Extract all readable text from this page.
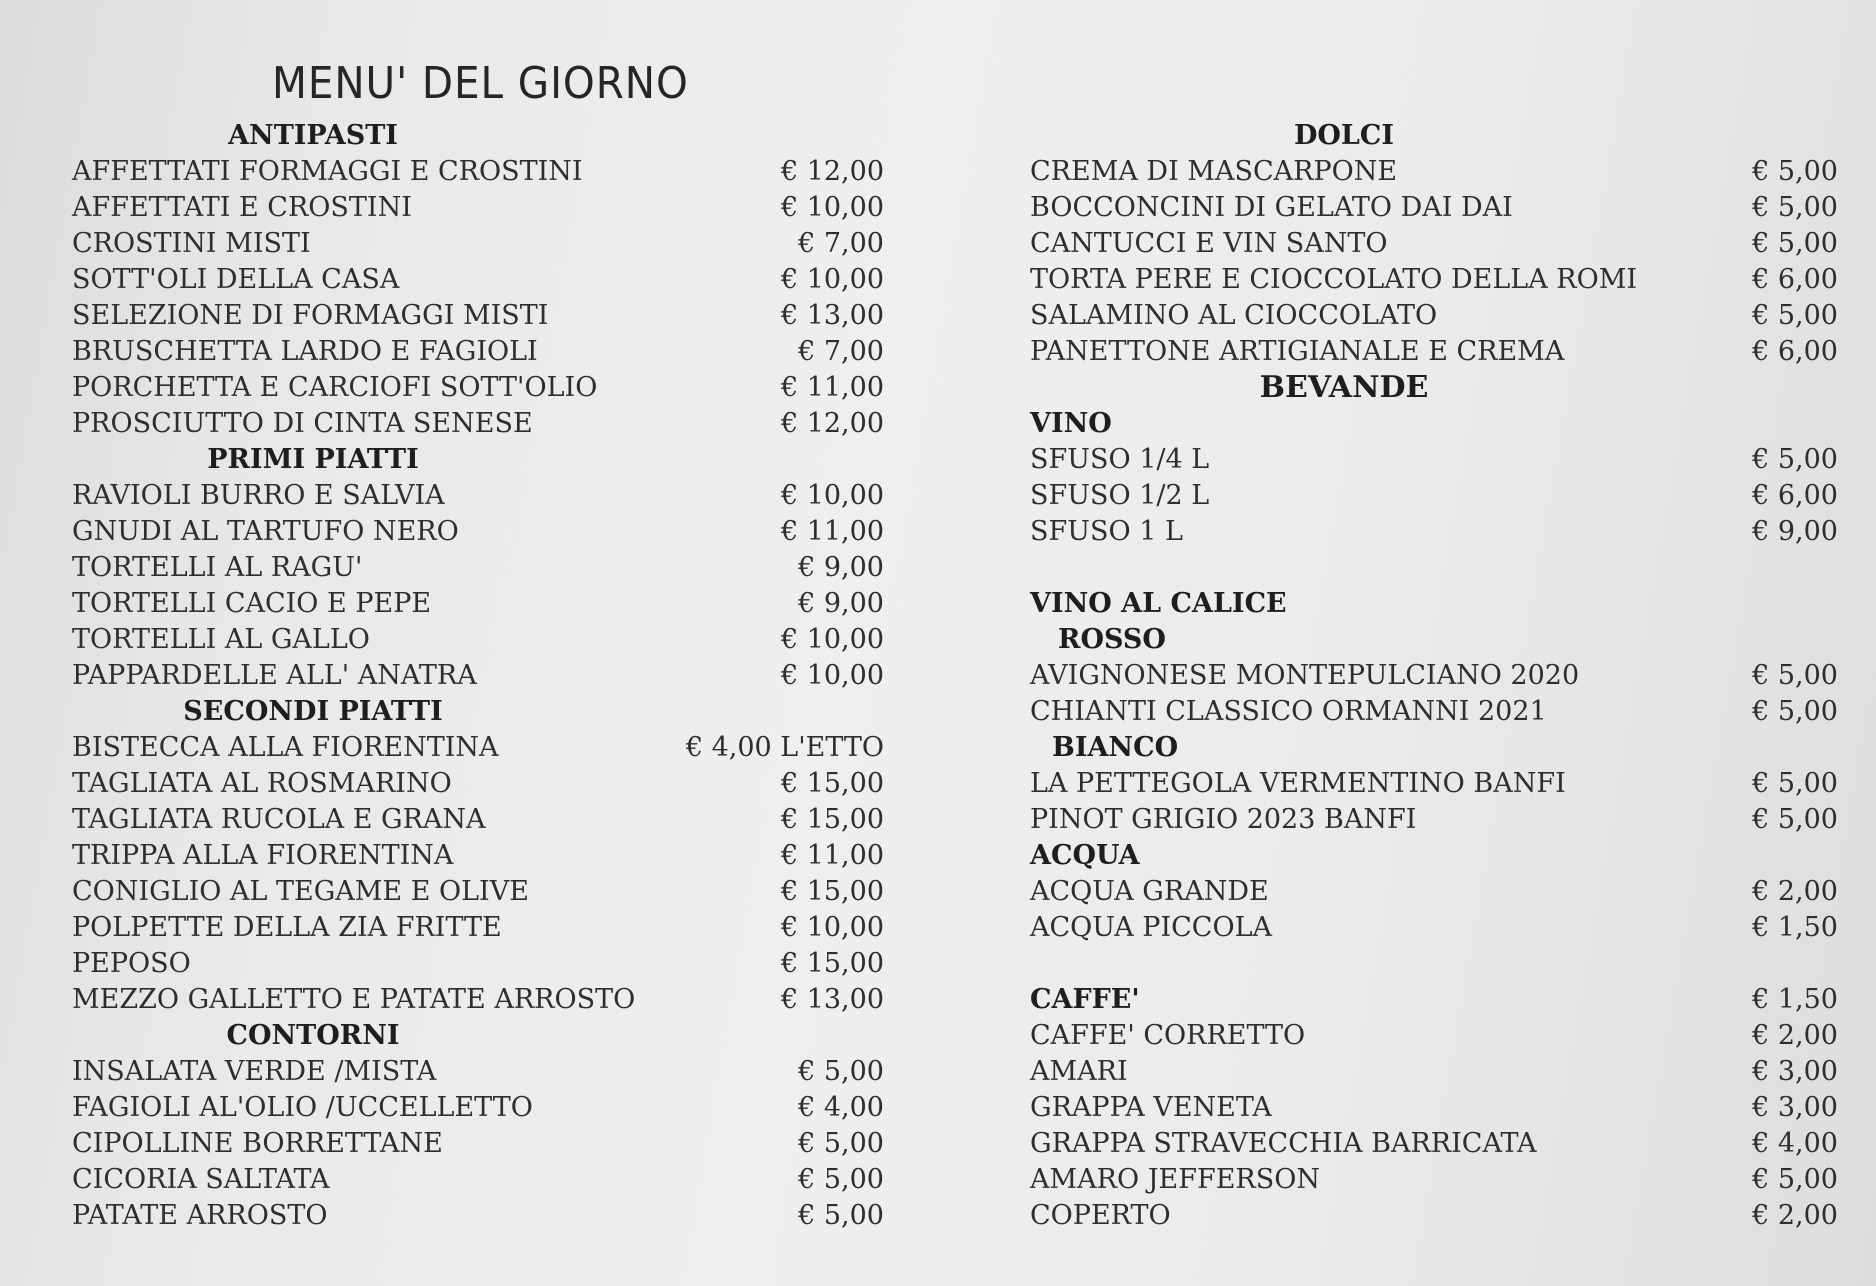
MENU' DEL GIORNO
ANTIPASTI
AFFETTATI FORMAGGI E CROSTINI	€ 12,00
AFFETTATI E CROSTINI	€ 10,00
CROSTINI MISTI	€ 7,00
SOTT'OLI DELLA CASA	€ 10,00
SELEZIONE DI FORMAGGI MISTI	€ 13,00
BRUSCHETTA LARDO E FAGIOLI	€ 7,00
PORCHETTA E CARCIOFI SOTT'OLIO	€ 11,00
PROSCIUTTO DI CINTA SENESE	€ 12,00
PRIMI PIATTI
RAVIOLI BURRO E SALVIA	€ 10,00
GNUDI AL TARTUFO NERO	€ 11,00
TORTELLI AL RAGU'	€ 9,00
TORTELLI CACIO E PEPE	€ 9,00
TORTELLI AL GALLO	€ 10,00
PAPPARDELLE ALL' ANATRA	€ 10,00
SECONDI PIATTI
BISTECCA ALLA FIORENTINA	€ 4,00 L'ETTO
TAGLIATA AL ROSMARINO	€ 15,00
TAGLIATA RUCOLA E GRANA	€ 15,00
TRIPPA ALLA FIORENTINA	€ 11,00
CONIGLIO AL TEGAME E OLIVE	€ 15,00
POLPETTE DELLA ZIA FRITTE	€ 10,00
PEPOSO	€ 15,00
MEZZO GALLETTO E PATATE ARROSTO	€ 13,00
CONTORNI
INSALATA VERDE /MISTA	€ 5,00
FAGIOLI AL'OLIO /UCCELLETTO	€ 4,00
CIPOLLINE BORRETTANE	€ 5,00
CICORIA SALTATA	€ 5,00
PATATE ARROSTO	€ 5,00
DOLCI
CREMA DI MASCARPONE	€ 5,00
BOCCONCINI DI GELATO DAI DAI	€ 5,00
CANTUCCI E VIN SANTO	€ 5,00
TORTA PERE E CIOCCOLATO DELLA ROMI	€ 6,00
SALAMINO AL CIOCCOLATO	€ 5,00
PANETTONE ARTIGIANALE E CREMA	€ 6,00
BEVANDE
VINO
SFUSO 1/4 L	€ 5,00
SFUSO 1/2 L	€ 6,00
SFUSO 1 L	€ 9,00
VINO AL CALICE
ROSSO
AVIGNONESE MONTEPULCIANO 2020	€ 5,00
CHIANTI CLASSICO ORMANNI 2021	€ 5,00
BIANCO
LA PETTEGOLA VERMENTINO BANFI	€ 5,00
PINOT GRIGIO 2023 BANFI	€ 5,00
ACQUA
ACQUA GRANDE	€ 2,00
ACQUA PICCOLA	€ 1,50
CAFFE'	€ 1,50
CAFFE' CORRETTO	€ 2,00
AMARI	€ 3,00
GRAPPA VENETA	€ 3,00
GRAPPA STRAVECCHIA BARRICATA	€ 4,00
AMARO JEFFERSON	€ 5,00
COPERTO	€ 2,00
